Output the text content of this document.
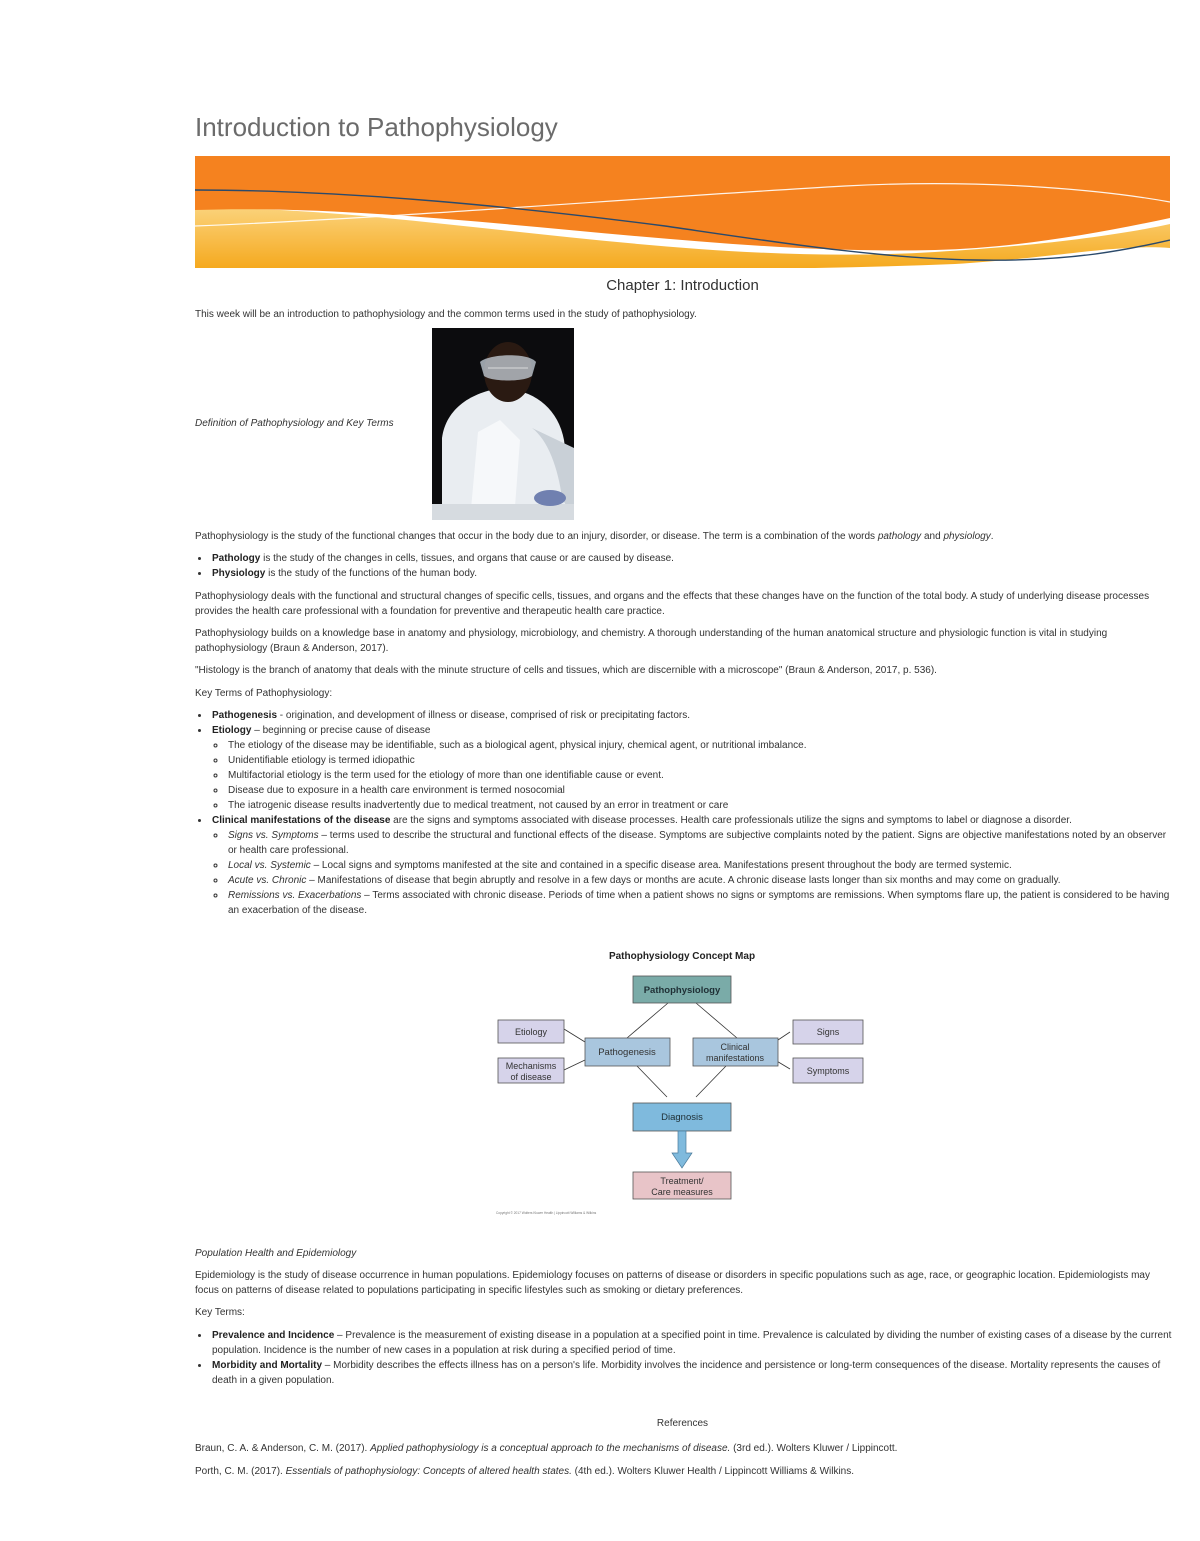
Introduction to Pathophysiology
Chapter 1: Introduction

This week will be an introduction to pathophysiology and the common terms used in the study of pathophysiology.

Definition of Pathophysiology and Key Terms

Pathophysiology is the study of the functional changes that occur in the body due to an injury, disorder, or disease. The term is a combination of the words pathology and physiology.

• Pathology is the study of the changes in cells, tissues, and organs that cause or are caused by disease.
• Physiology is the study of the functions of the human body.

Pathophysiology deals with the functional and structural changes of specific cells, tissues, and organs and the effects that these changes have on the function of the total body. A study of underlying disease processes provides the health care professional with a foundation for preventive and therapeutic health care practice.

Pathophysiology builds on a knowledge base in anatomy and physiology, microbiology, and chemistry. A thorough understanding of the human anatomical structure and physiologic function is vital in studying pathophysiology (Braun & Anderson, 2017).

"Histology is the branch of anatomy that deals with the minute structure of cells and tissues, which are discernible with a microscope" (Braun & Anderson, 2017, p. 536).

Key Terms of Pathophysiology:

• Pathogenesis - origination, and development of illness or disease, comprised of risk or precipitating factors.
• Etiology – beginning or precise cause of disease
◦ The etiology of the disease may be identifiable, such as a biological agent, physical injury, chemical agent, or nutritional imbalance.
◦ Unidentifiable etiology is termed idiopathic
◦ Multifactorial etiology is the term used for the etiology of more than one identifiable cause or event.
◦ Disease due to exposure in a health care environment is termed nosocomial
◦ The iatrogenic disease results inadvertently due to medical treatment, not caused by an error in treatment or care
• Clinical manifestations of the disease are the signs and symptoms associated with disease processes. Health care professionals utilize the signs and symptoms to label or diagnose a disorder.
◦ Signs vs. Symptoms – terms used to describe the structural and functional effects of the disease. Symptoms are subjective complaints noted by the patient. Signs are objective manifestations noted by an observer or health care professional.
◦ Local vs. Systemic – Local signs and symptoms manifested at the site and contained in a specific disease area. Manifestations present throughout the body are termed systemic.
◦ Acute vs. Chronic – Manifestations of disease that begin abruptly and resolve in a few days or months are acute. A chronic disease lasts longer than six months and may come on gradually.
◦ Remissions vs. Exacerbations – Terms associated with chronic disease. Periods of time when a patient shows no signs or symptoms are remissions. When symptoms flare up, the patient is considered to be having an exacerbation of the disease.
Pathophysiology Concept Map
Pathophysiology
Etiology
Mechanisms
of disease
Pathogenesis	Clinical
manifestations
Signs
Symptoms
Diagnosis
Treatment/
Care measures
Copyright © 2017 Wolters Kluwer Health | Lippincott Williams & Wilkins

Population Health and Epidemiology

Epidemiology is the study of disease occurrence in human populations. Epidemiology focuses on patterns of disease or disorders in specific populations such as age, race, or geographic location. Epidemiologists may focus on patterns of disease related to populations participating in specific lifestyles such as smoking or dietary preferences.

Key Terms:

• Prevalence and Incidence – Prevalence is the measurement of existing disease in a population at a specified point in time. Prevalence is calculated by dividing the number of existing cases of a disease by the current population. Incidence is the number of new cases in a population at risk during a specified period of time.
• Morbidity and Mortality – Morbidity describes the effects illness has on a person's life. Morbidity involves the incidence and persistence or long-term consequences of the disease. Mortality represents the causes of death in a given population.
References

Braun, C. A. & Anderson, C. M. (2017). Applied pathophysiology is a conceptual approach to the mechanisms of disease. (3rd ed.). Wolters Kluwer / Lippincott.

Porth, C. M. (2017). Essentials of pathophysiology: Concepts of altered health states. (4th ed.). Wolters Kluwer Health / Lippincott Williams & Wilkins.
